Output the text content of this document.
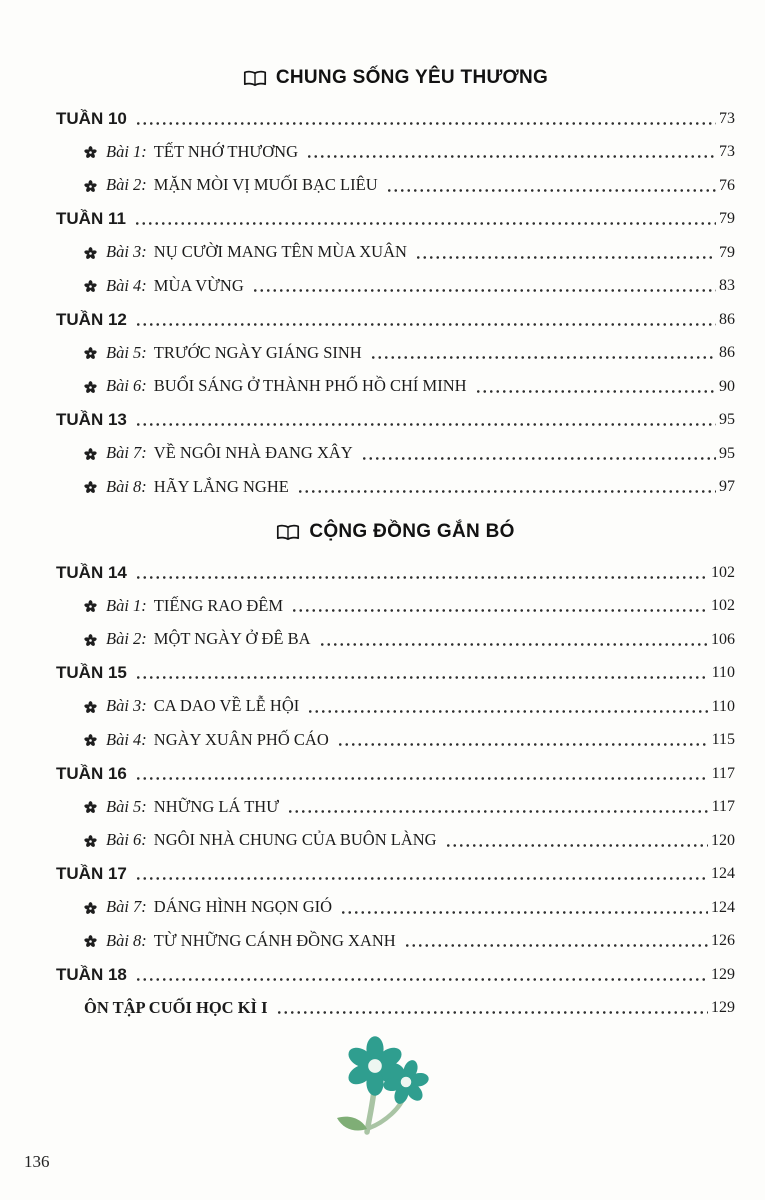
CHUNG SỐNG YÊU THƯƠNG
TUẦN 10	73
Bài 1: TẾT NHỚ THƯƠNG	73
Bài 2: MẶN MÒI VỊ MUỐI BẠC LIÊU	76
TUẦN 11	79
Bài 3: NỤ CƯỜI MANG TÊN MÙA XUÂN	79
Bài 4: MÙA VỪNG	83
TUẦN 12	86
Bài 5: TRƯỚC NGÀY GIÁNG SINH	86
Bài 6: BUỔI SÁNG Ở THÀNH PHỐ HỒ CHÍ MINH	90
TUẦN 13	95
Bài 7: VỀ NGÔI NHÀ ĐANG XÂY	95
Bài 8: HÃY LẮNG NGHE	97
CỘNG ĐỒNG GẮN BÓ
TUẦN 14	102
Bài 1: TIẾNG RAO ĐÊM	102
Bài 2: MỘT NGÀY Ở ĐÊ BA	106
TUẦN 15	110
Bài 3: CA DAO VỀ LỄ HỘI	110
Bài 4: NGÀY XUÂN PHỐ CÁO	115
TUẦN 16	117
Bài 5: NHỮNG LÁ THƯ	117
Bài 6: NGÔI NHÀ CHUNG CỦA BUÔN LÀNG	120
TUẦN 17	124
Bài 7: DÁNG HÌNH NGỌN GIÓ	124
Bài 8: TỪ NHỮNG CÁNH ĐỒNG XANH	126
TUẦN 18	129
ÔN TẬP CUỐI HỌC KÌ I	129
136
